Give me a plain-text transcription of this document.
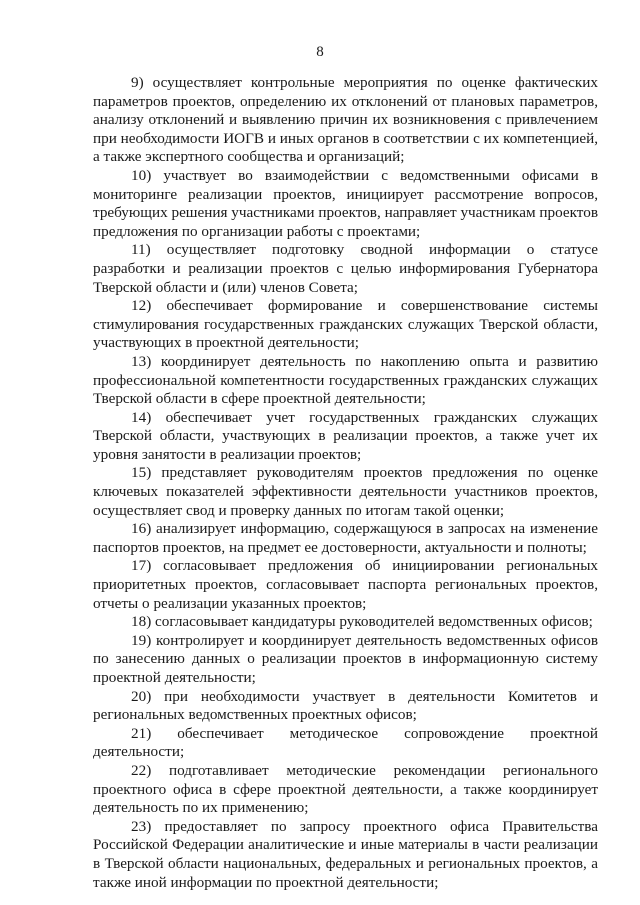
8

9) осуществляет контрольные мероприятия по оценке фактических параметров проектов, определению их отклонений от плановых параметров, анализу отклонений и выявлению причин их возникновения с привлечением при необходимости ИОГВ и иных органов в соответствии с их компетенцией, а также экспертного сообщества и организаций;

10) участвует во взаимодействии с ведомственными офисами в мониторинге реализации проектов, инициирует рассмотрение вопросов, требующих решения участниками проектов, направляет участникам проектов предложения по организации работы с проектами;

11) осуществляет подготовку сводной информации о статусе разработки и реализации проектов с целью информирования Губернатора Тверской области и (или) членов Совета;

12) обеспечивает формирование и совершенствование системы стимулирования государственных гражданских служащих Тверской области, участвующих в проектной деятельности;

13) координирует деятельность по накоплению опыта и развитию профессиональной компетентности государственных гражданских служащих Тверской области в сфере проектной деятельности;

14) обеспечивает учет государственных гражданских служащих Тверской области, участвующих в реализации проектов, а также учет их уровня занятости в реализации проектов;

15) представляет руководителям проектов предложения по оценке ключевых показателей эффективности деятельности участников проектов, осуществляет свод и проверку данных по итогам такой оценки;

16) анализирует информацию, содержащуюся в запросах на изменение паспортов проектов, на предмет ее достоверности, актуальности и полноты;

17) согласовывает предложения об инициировании региональных приоритетных проектов, согласовывает паспорта региональных проектов, отчеты о реализации указанных проектов;

18) согласовывает кандидатуры руководителей ведомственных офисов;

19) контролирует и координирует деятельность ведомственных офисов по занесению данных о реализации проектов в информационную систему проектной деятельности;

20) при необходимости участвует в деятельности Комитетов и региональных ведомственных проектных офисов;

21) обеспечивает методическое сопровождение проектной деятельности;

22) подготавливает методические рекомендации регионального проектного офиса в сфере проектной деятельности, а также координирует деятельность по их применению;

23) предоставляет по запросу проектного офиса Правительства Российской Федерации аналитические и иные материалы в части реализации в Тверской области национальных, федеральных и региональных проектов, а также иной информации по проектной деятельности;
